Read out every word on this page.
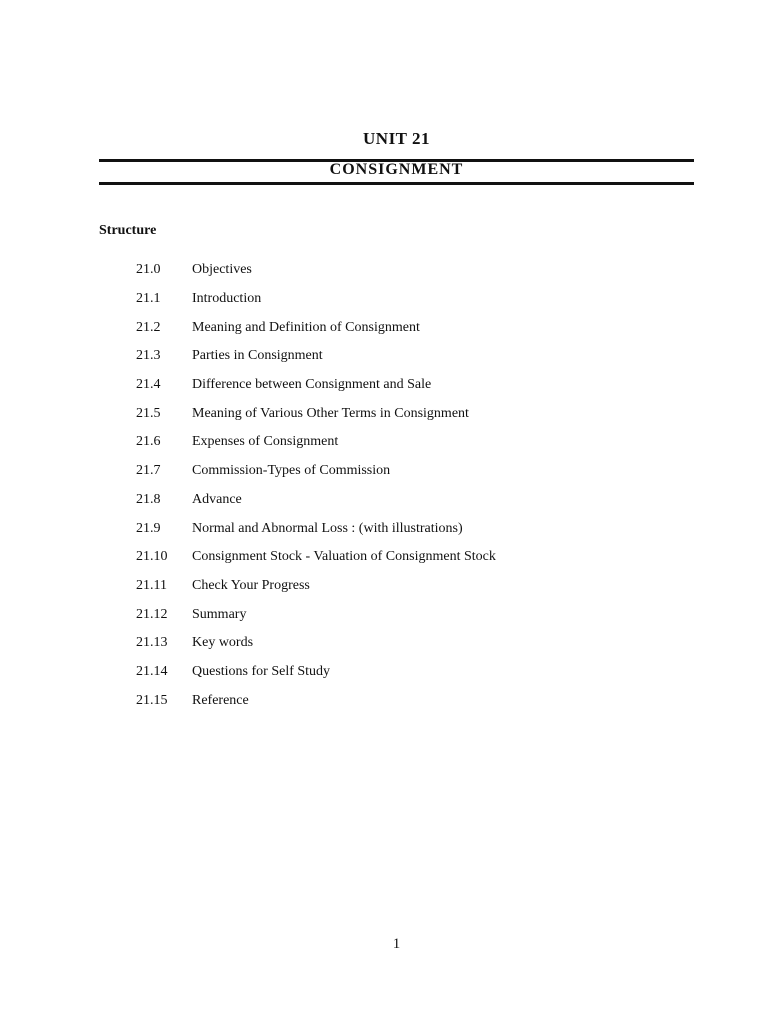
UNIT 21
CONSIGNMENT
Structure
21.0	Objectives
21.1	Introduction
21.2	Meaning and Definition of Consignment
21.3	Parties in Consignment
21.4	Difference between Consignment and Sale
21.5	Meaning of Various Other Terms in Consignment
21.6	Expenses of Consignment
21.7	Commission-Types of Commission
21.8	Advance
21.9	Normal and Abnormal Loss : (with illustrations)
21.10	Consignment Stock - Valuation of Consignment Stock
21.11	Check Your Progress
21.12	Summary
21.13	Key words
21.14	Questions for Self Study
21.15	Reference
1
